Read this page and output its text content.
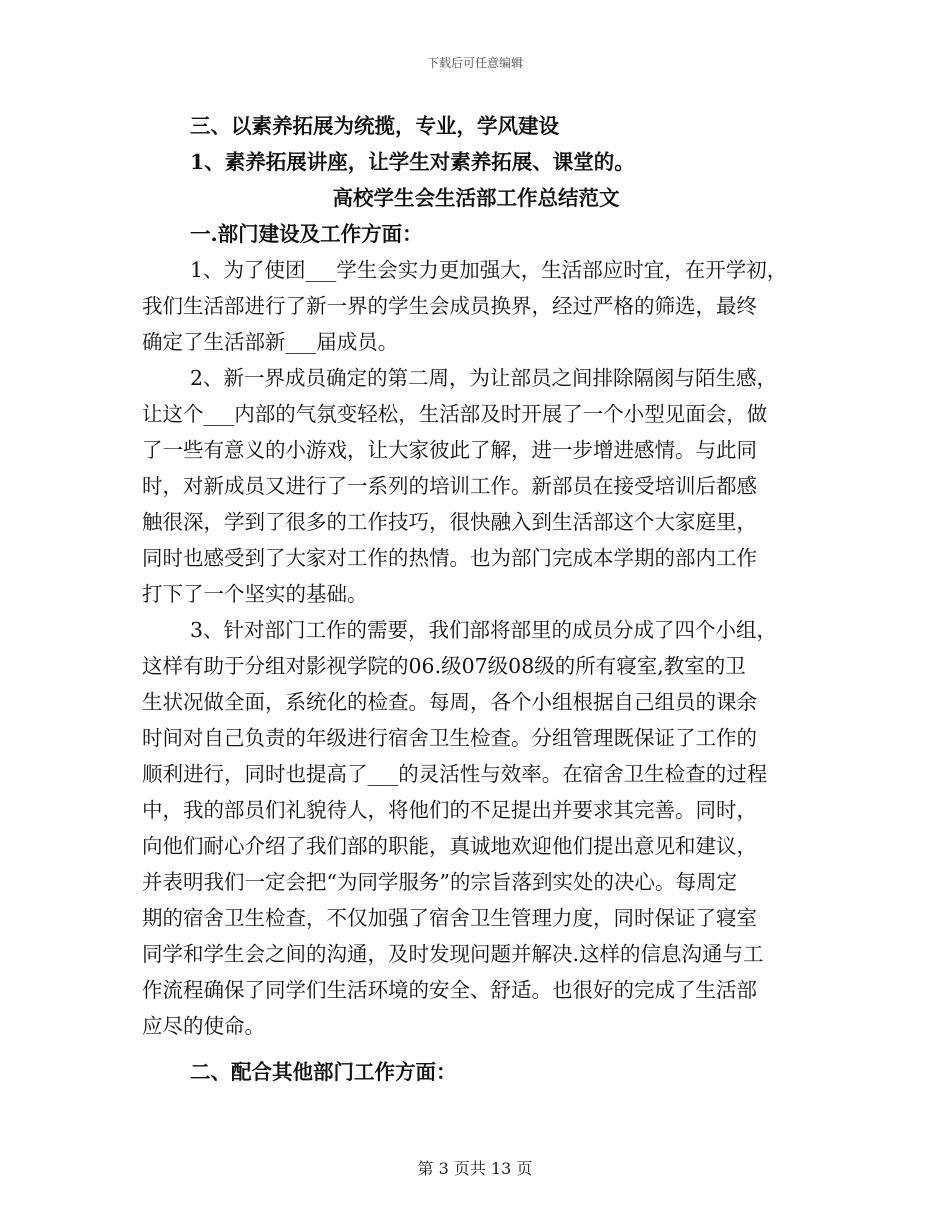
下载后可任意编辑
三、以素养拓展为统揽，专业，学风建设
1、素养拓展讲座，让学生对素养拓展、课堂的。
高校学生会生活部工作总结范文
一.部门建设及工作方面：
1、为了使团___学生会实力更加强大，生活部应时宜，在开学初，
我们生活部进行了新一界的学生会成员换界，经过严格的筛选，最终
确定了生活部新___届成员。
2、新一界成员确定的第二周，为让部员之间排除隔阂与陌生感，
让这个___内部的气氛变轻松，生活部及时开展了一个小型见面会，做
了一些有意义的小游戏，让大家彼此了解，进一步增进感情。与此同
时，对新成员又进行了一系列的培训工作。新部员在接受培训后都感
触很深，学到了很多的工作技巧，很快融入到生活部这个大家庭里，
同时也感受到了大家对工作的热情。也为部门完成本学期的部内工作
打下了一个坚实的基础。
3、针对部门工作的需要，我们部将部里的成员分成了四个小组，
这样有助于分组对影视学院的06.级07级08级的所有寝室,教室的卫
生状况做全面，系统化的检查。每周，各个小组根据自己组员的课余
时间对自己负责的年级进行宿舍卫生检查。分组管理既保证了工作的
顺利进行，同时也提高了___的灵活性与效率。在宿舍卫生检查的过程
中，我的部员们礼貌待人，将他们的不足提出并要求其完善。同时，
向他们耐心介绍了我们部的职能，真诚地欢迎他们提出意见和建议，
并表明我们一定会把“为同学服务”的宗旨落到实处的决心。每周定
期的宿舍卫生检查，不仅加强了宿舍卫生管理力度，同时保证了寝室
同学和学生会之间的沟通，及时发现问题并解决.这样的信息沟通与工
作流程确保了同学们生活环境的安全、舒适。也很好的完成了生活部
应尽的使命。
二、配合其他部门工作方面：
第 3 页共 13 页
